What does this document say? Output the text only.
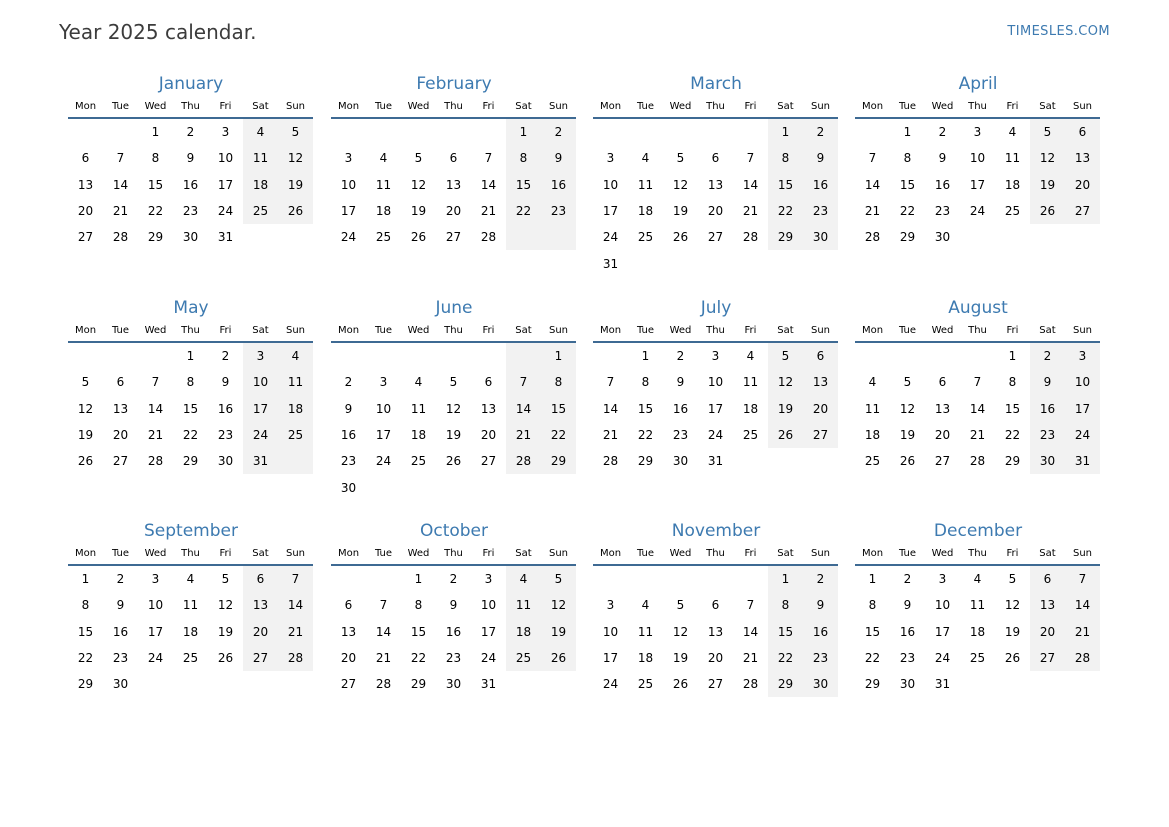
Year 2025 calendar.	TIMESLES.COM
January
Mon	Tue	Wed	Thu	Fri	Sat	Sun
		1	2	3	4	5
6	7	8	9	10	11	12
13	14	15	16	17	18	19
20	21	22	23	24	25	26
27	28	29	30	31		
February
Mon	Tue	Wed	Thu	Fri	Sat	Sun
					1	2
3	4	5	6	7	8	9
10	11	12	13	14	15	16
17	18	19	20	21	22	23
24	25	26	27	28		
March
Mon	Tue	Wed	Thu	Fri	Sat	Sun
					1	2
3	4	5	6	7	8	9
10	11	12	13	14	15	16
17	18	19	20	21	22	23
24	25	26	27	28	29	30
31						
April
Mon	Tue	Wed	Thu	Fri	Sat	Sun
	1	2	3	4	5	6
7	8	9	10	11	12	13
14	15	16	17	18	19	20
21	22	23	24	25	26	27
28	29	30				
May
Mon	Tue	Wed	Thu	Fri	Sat	Sun
			1	2	3	4
5	6	7	8	9	10	11
12	13	14	15	16	17	18
19	20	21	22	23	24	25
26	27	28	29	30	31	
June
Mon	Tue	Wed	Thu	Fri	Sat	Sun
						1
2	3	4	5	6	7	8
9	10	11	12	13	14	15
16	17	18	19	20	21	22
23	24	25	26	27	28	29
30						
July
Mon	Tue	Wed	Thu	Fri	Sat	Sun
	1	2	3	4	5	6
7	8	9	10	11	12	13
14	15	16	17	18	19	20
21	22	23	24	25	26	27
28	29	30	31			
August
Mon	Tue	Wed	Thu	Fri	Sat	Sun
				1	2	3
4	5	6	7	8	9	10
11	12	13	14	15	16	17
18	19	20	21	22	23	24
25	26	27	28	29	30	31
September
Mon	Tue	Wed	Thu	Fri	Sat	Sun
1	2	3	4	5	6	7
8	9	10	11	12	13	14
15	16	17	18	19	20	21
22	23	24	25	26	27	28
29	30					
October
Mon	Tue	Wed	Thu	Fri	Sat	Sun
		1	2	3	4	5
6	7	8	9	10	11	12
13	14	15	16	17	18	19
20	21	22	23	24	25	26
27	28	29	30	31		
November
Mon	Tue	Wed	Thu	Fri	Sat	Sun
					1	2
3	4	5	6	7	8	9
10	11	12	13	14	15	16
17	18	19	20	21	22	23
24	25	26	27	28	29	30
December
Mon	Tue	Wed	Thu	Fri	Sat	Sun
1	2	3	4	5	6	7
8	9	10	11	12	13	14
15	16	17	18	19	20	21
22	23	24	25	26	27	28
29	30	31				
